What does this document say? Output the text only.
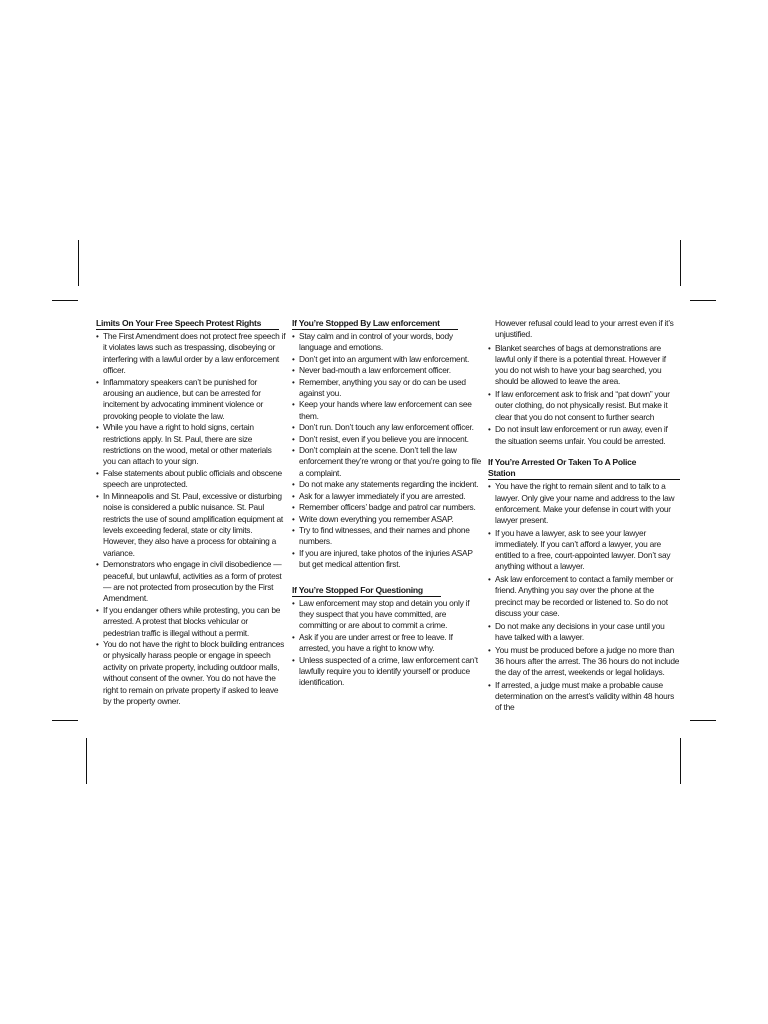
Limits On Your Free Speech Protest Rights
• The First Amendment does not protect free speech if it violates laws such as trespassing, disobeying or interfering with a lawful order by a law enforcement officer.
• Inflammatory speakers can’t be punished for arousing an audience, but can be arrested for incitement by advocating imminent violence or provoking people to violate the law.
• While you have a right to hold signs, certain restrictions apply. In St. Paul, there are size restrictions on the wood, metal or other materials you can attach to your sign.
• False statements about public officials and obscene speech are unprotected.
• In Minneapolis and St. Paul, excessive or disturbing noise is considered a public nuisance. St. Paul restricts the use of sound amplification equipment at levels exceeding federal, state or city limits. However, they also have a process for obtaining a variance.
• Demonstrators who engage in civil disobedience — peaceful, but unlawful, activities as a form of protest — are not protected from prosecution by the First Amendment.
• If you endanger others while protesting, you can be arrested. A protest that blocks vehicular or pedestrian traffic is illegal without a permit.
• You do not have the right to block building entrances or physically harass people or engage in speech activity on private property, including outdoor malls, without consent of the owner. You do not have the right to remain on private property if asked to leave by the property owner.
If You’re Stopped By Law enforcement
• Stay calm and in control of your words, body language and emotions.
• Don’t get into an argument with law enforcement.
• Never bad-mouth a law enforcement officer.
• Remember, anything you say or do can be used against you.
• Keep your hands where law enforcement can see them.
• Don’t run. Don’t touch any law enforcement officer.
• Don’t resist, even if you believe you are innocent.
• Don’t complain at the scene. Don’t tell the law enforcement they’re wrong or that you’re going to file a complaint.
• Do not make any statements regarding the incident.
• Ask for a lawyer immediately if you are arrested.
• Remember officers’ badge and patrol car numbers.
• Write down everything you remember ASAP.
• Try to find witnesses, and their names and phone numbers.
• If you are injured, take photos of the injuries ASAP but get medical attention first.
If You’re Stopped For Questioning
• Law enforcement may stop and detain you only if they suspect that you have committed, are committing or are about to commit a crime.
• Ask if you are under arrest or free to leave. If arrested, you have a right to know why.
• Unless suspected of a crime, law enforcement can’t lawfully require you to identify yourself or produce identification.
However refusal could lead to your arrest even if it’s unjustified.
• Blanket searches of bags at demonstrations are lawful only if there is a potential threat. However if you do not wish to have your bag searched, you should be allowed to leave the area.
• If law enforcement ask to frisk and “pat down” your outer clothing, do not physically resist. But make it clear that you do not consent to further search
• Do not insult law enforcement or run away, even if the situation seems unfair. You could be arrested.
If You’re Arrested Or Taken To A Police Station
• You have the right to remain silent and to talk to a lawyer. Only give your name and address to the law enforcement. Make your defense in court with your lawyer present.
• If you have a lawyer, ask to see your lawyer immediately. If you can’t afford a lawyer, you are entitled to a free, court-appointed lawyer. Don’t say anything without a lawyer.
• Ask law enforcement to contact a family member or friend. Anything you say over the phone at the precinct may be recorded or listened to. So do not discuss your case.
• Do not make any decisions in your case until you have talked with a lawyer.
• You must be produced before a judge no more than 36 hours after the arrest. The 36 hours do not include the day of the arrest, weekends or legal holidays.
• If arrested, a judge must make a probable cause determination on the arrest’s validity within 48 hours of the
